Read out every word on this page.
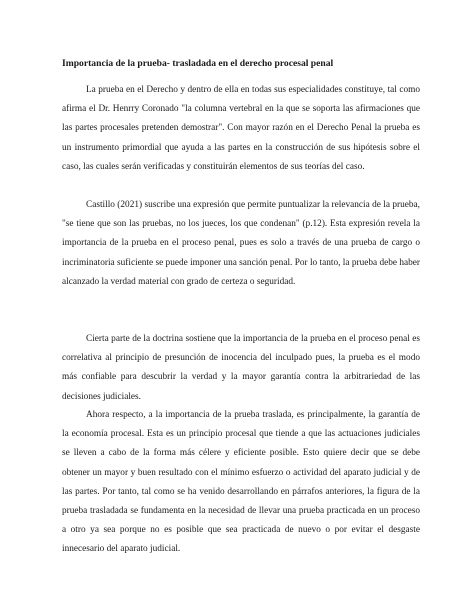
Importancia de la prueba- trasladada en el derecho procesal penal

La prueba en el Derecho y dentro de ella en todas sus especialidades constituye, tal como afirma el Dr. Henrry Coronado "la columna vertebral en la que se soporta las afirmaciones que las partes procesales pretenden demostrar". Con mayor razón en el Derecho Penal la prueba es un instrumento primordial que ayuda a las partes en la construcción de sus hipótesis sobre el caso, las cuales serán verificadas y constituirán elementos de sus teorías del caso.

Castillo (2021) suscribe una expresión que permite puntualizar la relevancia de la prueba, "se tiene que son las pruebas, no los jueces, los que condenan" (p.12). Esta expresión revela la importancia de la prueba en el proceso penal, pues es solo a través de una prueba de cargo o incriminatoria suficiente se puede imponer una sanción penal. Por lo tanto, la prueba debe haber alcanzado la verdad material con grado de certeza o seguridad.

Cierta parte de la doctrina sostiene que la importancia de la prueba en el proceso penal es correlativa al principio de presunción de inocencia del inculpado pues, la prueba es el modo más confiable para descubrir la verdad y la mayor garantía contra la arbitrariedad de las decisiones judiciales.

Ahora respecto, a la importancia de la prueba traslada, es principalmente, la garantía de la economía procesal. Esta es un principio procesal que tiende a que las actuaciones judiciales se lleven a cabo de la forma más célere y eficiente posible. Esto quiere decir que se debe obtener un mayor y buen resultado con el mínimo esfuerzo o actividad del aparato judicial y de las partes. Por tanto, tal como se ha venido desarrollando en párrafos anteriores, la figura de la prueba trasladada se fundamenta en la necesidad de llevar una prueba practicada en un proceso a otro ya sea porque no es posible que sea practicada de nuevo o por evitar el desgaste innecesario del aparato judicial.
